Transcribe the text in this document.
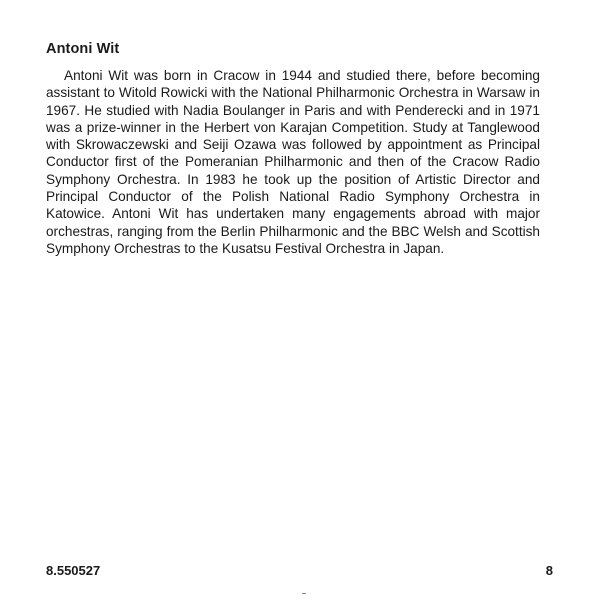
Antoni Wit

Antoni Wit was born in Cracow in 1944 and studied there, before becoming assistant to Witold Rowicki with the National Philharmonic Orchestra in Warsaw in 1967. He studied with Nadia Boulanger in Paris and with Penderecki and in 1971 was a prize-winner in the Herbert von Karajan Competition. Study at Tanglewood with Skrowaczewski and Seiji Ozawa was followed by appointment as Principal Conductor first of the Pomeranian Philharmonic and then of the Cracow Radio Symphony Orchestra. In 1983 he took up the position of Artistic Director and Principal Conductor of the Polish National Radio Symphony Orchestra in Katowice. Antoni Wit has undertaken many engagements abroad with major orchestras, ranging from the Berlin Philharmonic and the BBC Welsh and Scottish Symphony Orchestras to the Kusatsu Festival Orchestra in Japan.

8.550527	8
